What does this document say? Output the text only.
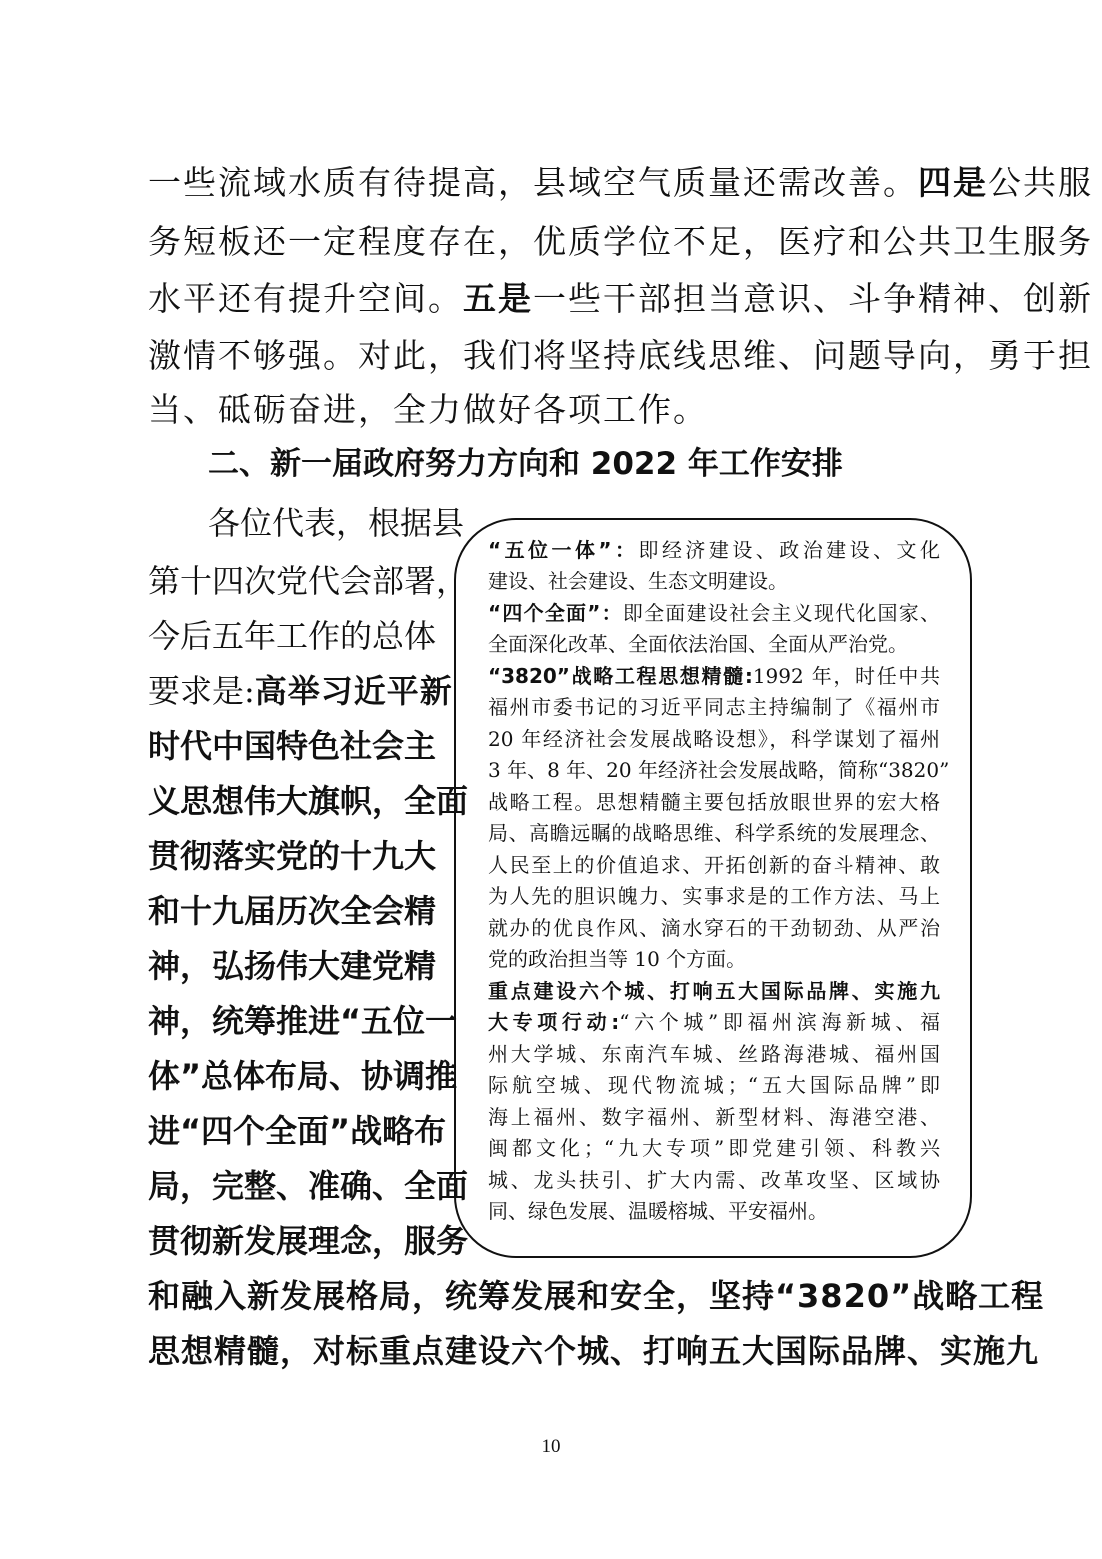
一些流域水质有待提高，县域空气质量还需改善。四是公共服
务短板还一定程度存在，优质学位不足，医疗和公共卫生服务
水平还有提升空间。五是一些干部担当意识、斗争精神、创新
激情不够强。对此，我们将坚持底线思维、问题导向，勇于担
当、砥砺奋进，全力做好各项工作。
二、新一届政府努力方向和 2022 年工作安排
各位代表，根据县
第十四次党代会部署，
今后五年工作的总体
要求是:高举习近平新
时代中国特色社会主
义思想伟大旗帜，全面
贯彻落实党的十九大
和十九届历次全会精
神，弘扬伟大建党精
神，统筹推进“五位一
体”总体布局、协调推
进“四个全面”战略布
局，完整、准确、全面
贯彻新发展理念，服务
“五位一体”：即经济建设、政治建设、文化
建设、社会建设、生态文明建设。
“四个全面”：即全面建设社会主义现代化国家、
全面深化改革、全面依法治国、全面从严治党。
“3820”战略工程思想精髓:1992 年，时任中共
福州市委书记的习近平同志主持编制了《福州市
20 年经济社会发展战略设想》，科学谋划了福州
3 年、8 年、20 年经济社会发展战略，简称“3820”
战略工程。思想精髓主要包括放眼世界的宏大格
局、高瞻远瞩的战略思维、科学系统的发展理念、
人民至上的价值追求、开拓创新的奋斗精神、敢
为人先的胆识魄力、实事求是的工作方法、马上
就办的优良作风、滴水穿石的干劲韧劲、从严治
党的政治担当等 10 个方面。
重点建设六个城、打响五大国际品牌、实施九
大专项行动:“六个城”即福州滨海新城、福
州大学城、东南汽车城、丝路海港城、福州国
际航空城、现代物流城；“五大国际品牌”即
海上福州、数字福州、新型材料、海港空港、
闽都文化；“九大专项”即党建引领、科教兴
城、龙头扶引、扩大内需、改革攻坚、区域协
同、绿色发展、温暖榕城、平安福州。
和融入新发展格局，统筹发展和安全，坚持“3820”战略工程
思想精髓，对标重点建设六个城、打响五大国际品牌、实施九
10
